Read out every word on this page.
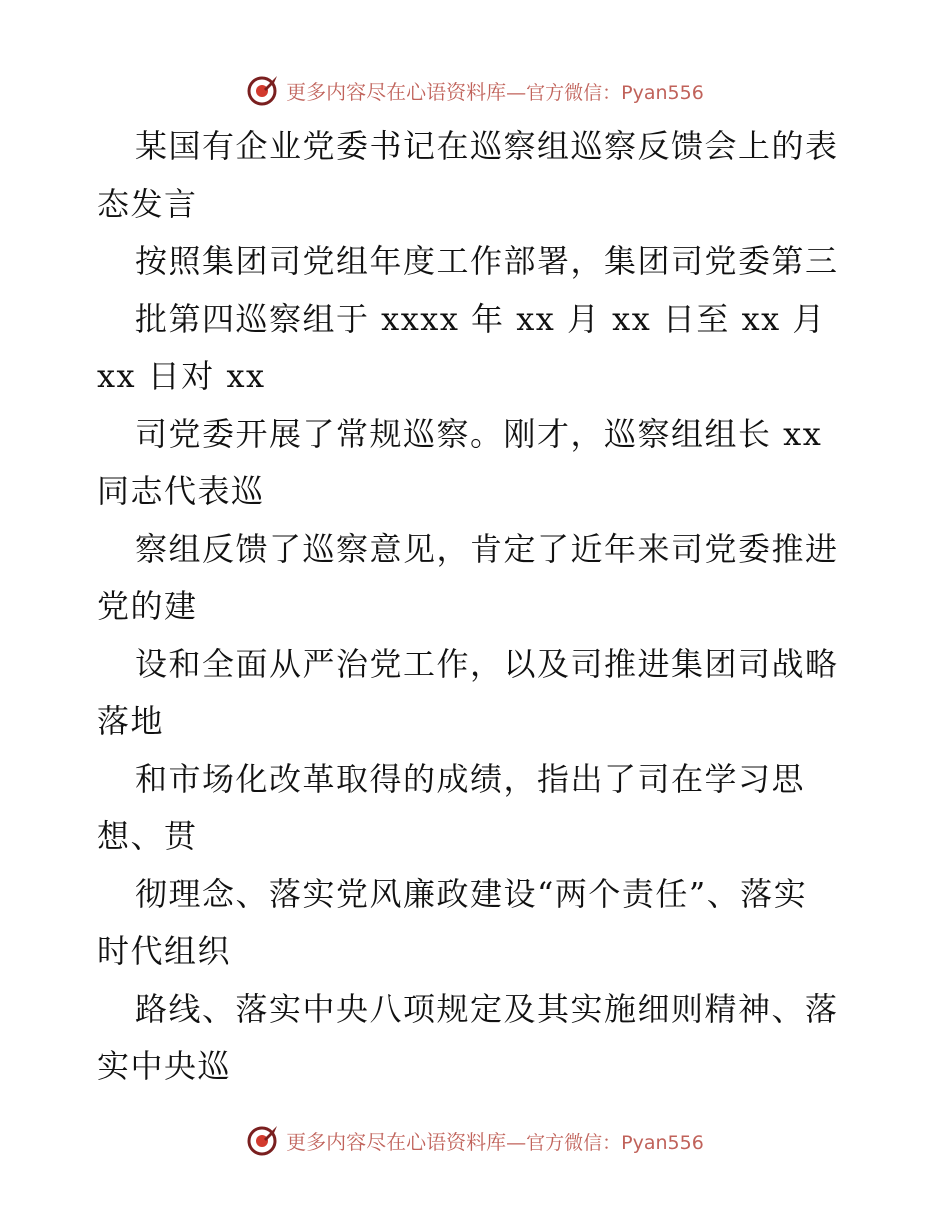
更多内容尽在心语资料库—官方微信：Pyan556
某国有企业党委书记在巡察组巡察反馈会上的表
态发言
按照集团司党组年度工作部署，集团司党委第三
批第四巡察组于 xxxx 年 xx 月 xx 日至 xx 月
xx 日对 xx
司党委开展了常规巡察。刚才，巡察组组长 xx
同志代表巡
察组反馈了巡察意见，肯定了近年来司党委推进
党的建
设和全面从严治党工作，以及司推进集团司战略
落地
和市场化改革取得的成绩，指出了司在学习思
想、贯
彻理念、落实党风廉政建设“两个责任”、落实
时代组织
路线、落实中央八项规定及其实施细则精神、落
实中央巡
更多内容尽在心语资料库—官方微信：Pyan556
